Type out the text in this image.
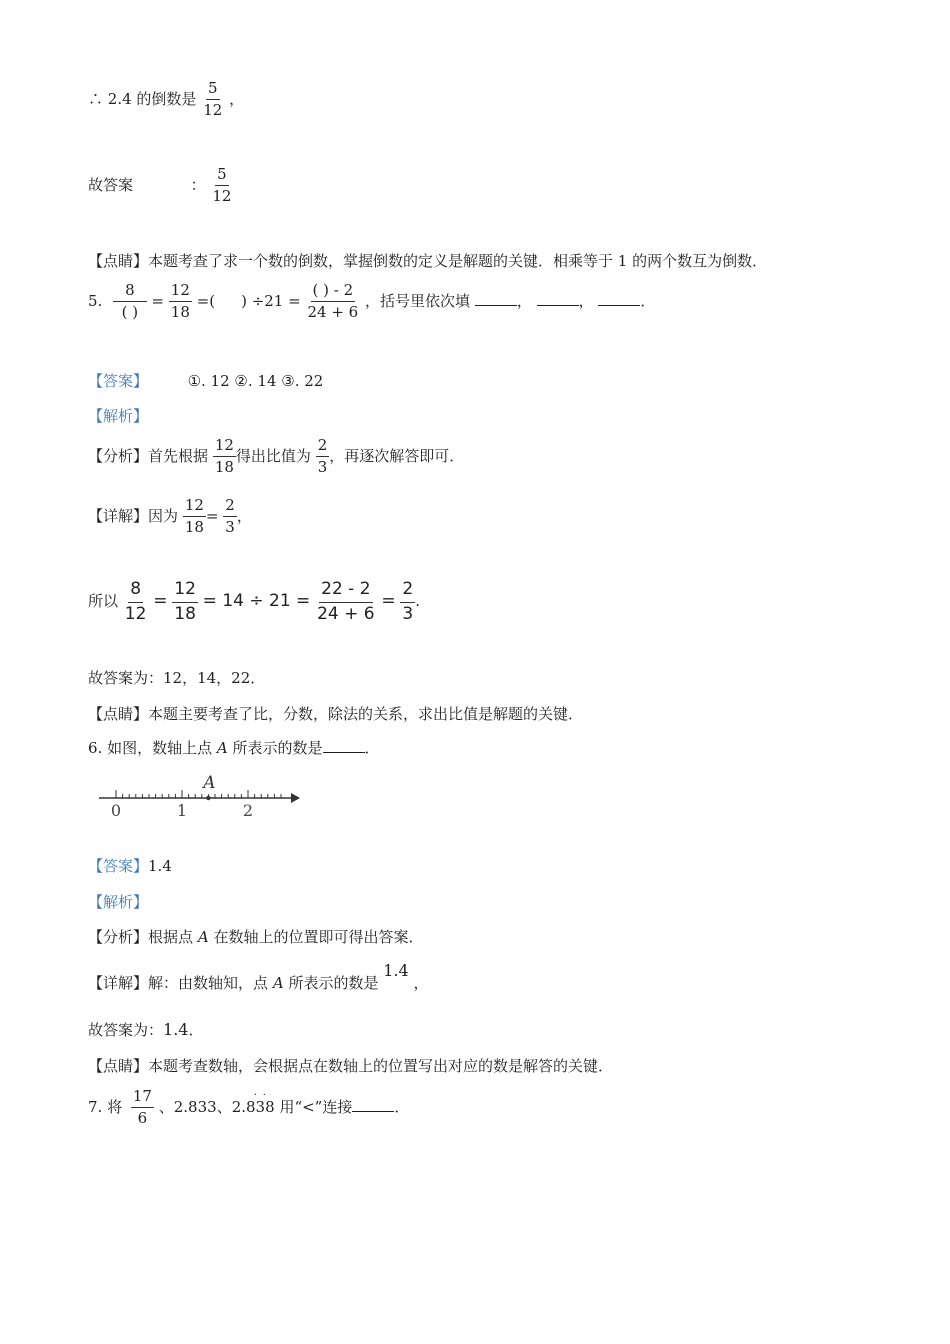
∴ 2.4 的倒数是 $\frac{5}{12}$ ，
故答案	： $\frac{5}{12}$
【点睛】本题考查了求一个数的倒数，掌握倒数的定义是解题的关键．相乘等于 1 的两个数互为倒数．
5. $\frac{8}{( )} = \frac{12}{18}$ =( ) $\div 21 = \frac{( ) - 2}{24 + 6}$ ，括号里依次填	，	，	．
【答案】	①. 12 ②. 14 ③. 22
【解析】
【分析】首先根据 $\frac{12}{18}$ 得出比值为 $\frac{2}{3}$ ，再逐次解答即可．
【详解】因为 $\frac{12}{18} = \frac{2}{3}$ ，
所以 $\frac{8}{12} = \frac{12}{18} = 14 \div 21 = \frac{22 - 2}{24 + 6} = \frac{2}{3}$ .
故答案为：12，14，22．
【点睛】本题主要考查了比，分数，除法的关系，求出比值是解题的关键．
6. 如图，数轴上点 A 所表示的数是	．
0	1	2
A
【答案】1.4
【解析】
【分析】根据点 A 在数轴上的位置即可得出答案．
【详解】解：由数轴知，点 A 所表示的数是 1.4 ，
故答案为：1.4．
【点睛】本题考查数轴，会根据点在数轴上的位置写出对应的数是解答的关键．
7. 将 $\frac{17}{6}$ 、2.833、2.838
· ·
用“<”连接	．
